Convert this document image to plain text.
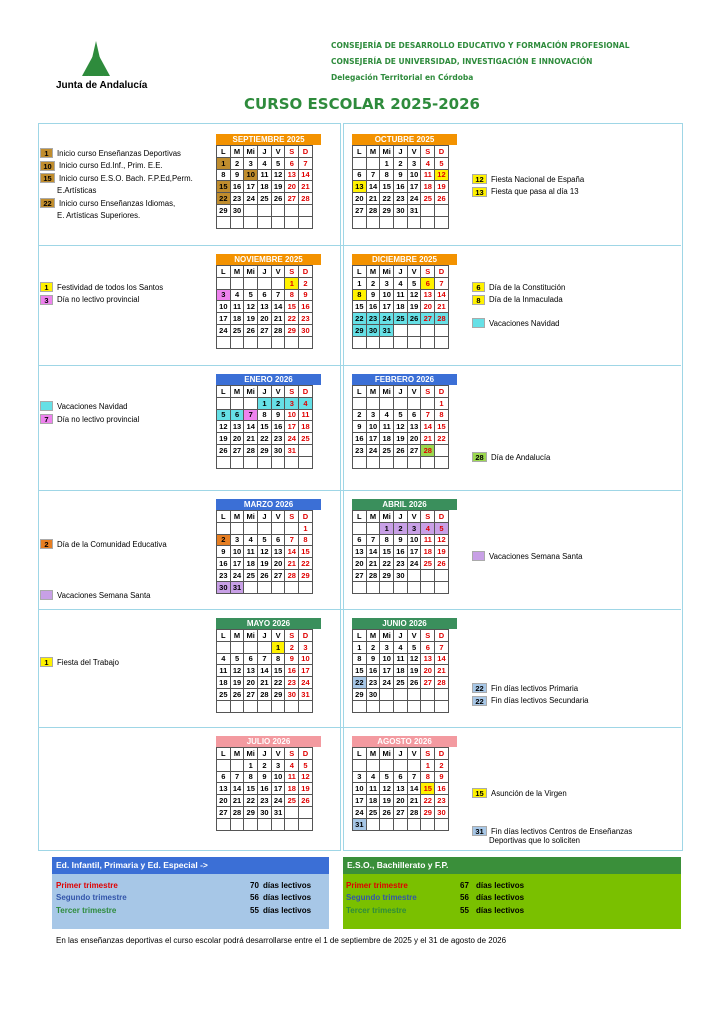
Junta de Andalucía
CONSEJERÍA DE DESARROLLO EDUCATIVO Y FORMACIÓN PROFESIONAL
CONSEJERÍA DE UNIVERSIDAD, INVESTIGACIÓN E INNOVACIÓN
Delegación Territorial en Córdoba
CURSO ESCOLAR 2025-2026
SEPTIEMBRE 2025
L	M	Mi	J	V	S	D
1	2	3	4	5	6	7
8	9	10	11	12	13	14
15	16	17	18	19	20	21
22	23	24	25	26	27	28
29	30					

OCTUBRE 2025
L	M	Mi	J	V	S	D
		1	2	3	4	5
6	7	8	9	10	11	12
13	14	15	16	17	18	19
20	21	22	23	24	25	26
27	28	29	30	31		

NOVIEMBRE 2025
L	M	Mi	J	V	S	D
					1	2
3	4	5	6	7	8	9
10	11	12	13	14	15	16
17	18	19	20	21	22	23
24	25	26	27	28	29	30

DICIEMBRE 2025
L	M	Mi	J	V	S	D
1	2	3	4	5	6	7
8	9	10	11	12	13	14
15	16	17	18	19	20	21
22	23	24	25	26	27	28
29	30	31				

ENERO 2026
L	M	Mi	J	V	S	D
			1	2	3	4
5	6	7	8	9	10	11
12	13	14	15	16	17	18
19	20	21	22	23	24	25
26	27	28	29	30	31	

FEBRERO 2026
L	M	Mi	J	V	S	D
						1
2	3	4	5	6	7	8
9	10	11	12	13	14	15
16	17	18	19	20	21	22
23	24	25	26	27	28	

MARZO 2026
L	M	Mi	J	V	S	D
						1
2	3	4	5	6	7	8
9	10	11	12	13	14	15
16	17	18	19	20	21	22
23	24	25	26	27	28	29
30	31					
ABRIL 2026
L	M	Mi	J	V	S	D
		1	2	3	4	5
6	7	8	9	10	11	12
13	14	15	16	17	18	19
20	21	22	23	24	25	26
27	28	29	30			

MAYO 2026
L	M	Mi	J	V	S	D
				1	2	3
4	5	6	7	8	9	10
11	12	13	14	15	16	17
18	19	20	21	22	23	24
25	26	27	28	29	30	31

JUNIO 2026
L	M	Mi	J	V	S	D
1	2	3	4	5	6	7
8	9	10	11	12	13	14
15	16	17	18	19	20	21
22	23	24	25	26	27	28
29	30					

JULIO 2026
L	M	Mi	J	V	S	D
		1	2	3	4	5
6	7	8	9	10	11	12
13	14	15	16	17	18	19
20	21	22	23	24	25	26
27	28	29	30	31		

AGOSTO 2026
L	M	Mi	J	V	S	D
					1	2
3	4	5	6	7	8	9
10	11	12	13	14	15	16
17	18	19	20	21	22	23
24	25	26	27	28	29	30
31						
1	Inicio curso Enseñanzas Deportivas
10 Inicio curso Ed.Inf., Prim. E.E.
15 Inicio curso E.S.O. Bach. F.P.Ed,Perm.
E.Artísticas
22 Inicio curso Enseñanzas Idiomas,
E. Artísticas Superiores.
1	Festividad de todos los Santos
3	Día no lectivo provincial
Vacaciones Navidad
7	Día no lectivo provincial
2	Día de la Comunidad Educativa
Vacaciones Semana Santa
1	Fiesta del Trabajo
12 Fiesta Nacional de España
13 Fiesta que pasa al día 13
6	Día de la Constitución
8	Día de la Inmaculada
Vacaciones Navidad
28 Día de Andalucía
Vacaciones Semana Santa
22 Fin días lectivos Primaria
22 Fin días lectivos Secundaria
15 Asunción de la Virgen
31 Fin días lectivos Centros de Enseñanzas
Deportivas que lo soliciten
Ed. Infantil, Primaria y Ed. Especial ->	E.S.O., Bachillerato y F.P.
Primer trimestre	70 días lectivos
Segundo trimestre	56 días lectivos
Tercer trimestre	55 días lectivos
Primer trimestre	67 días lectivos
Segundo trimestre	56 días lectivos
Tercer trimestre	55 días lectivos
En las enseñanzas deportivas el curso escolar podrá desarrollarse entre el 1 de septiembre de 2025 y el 31 de agosto de 2026
